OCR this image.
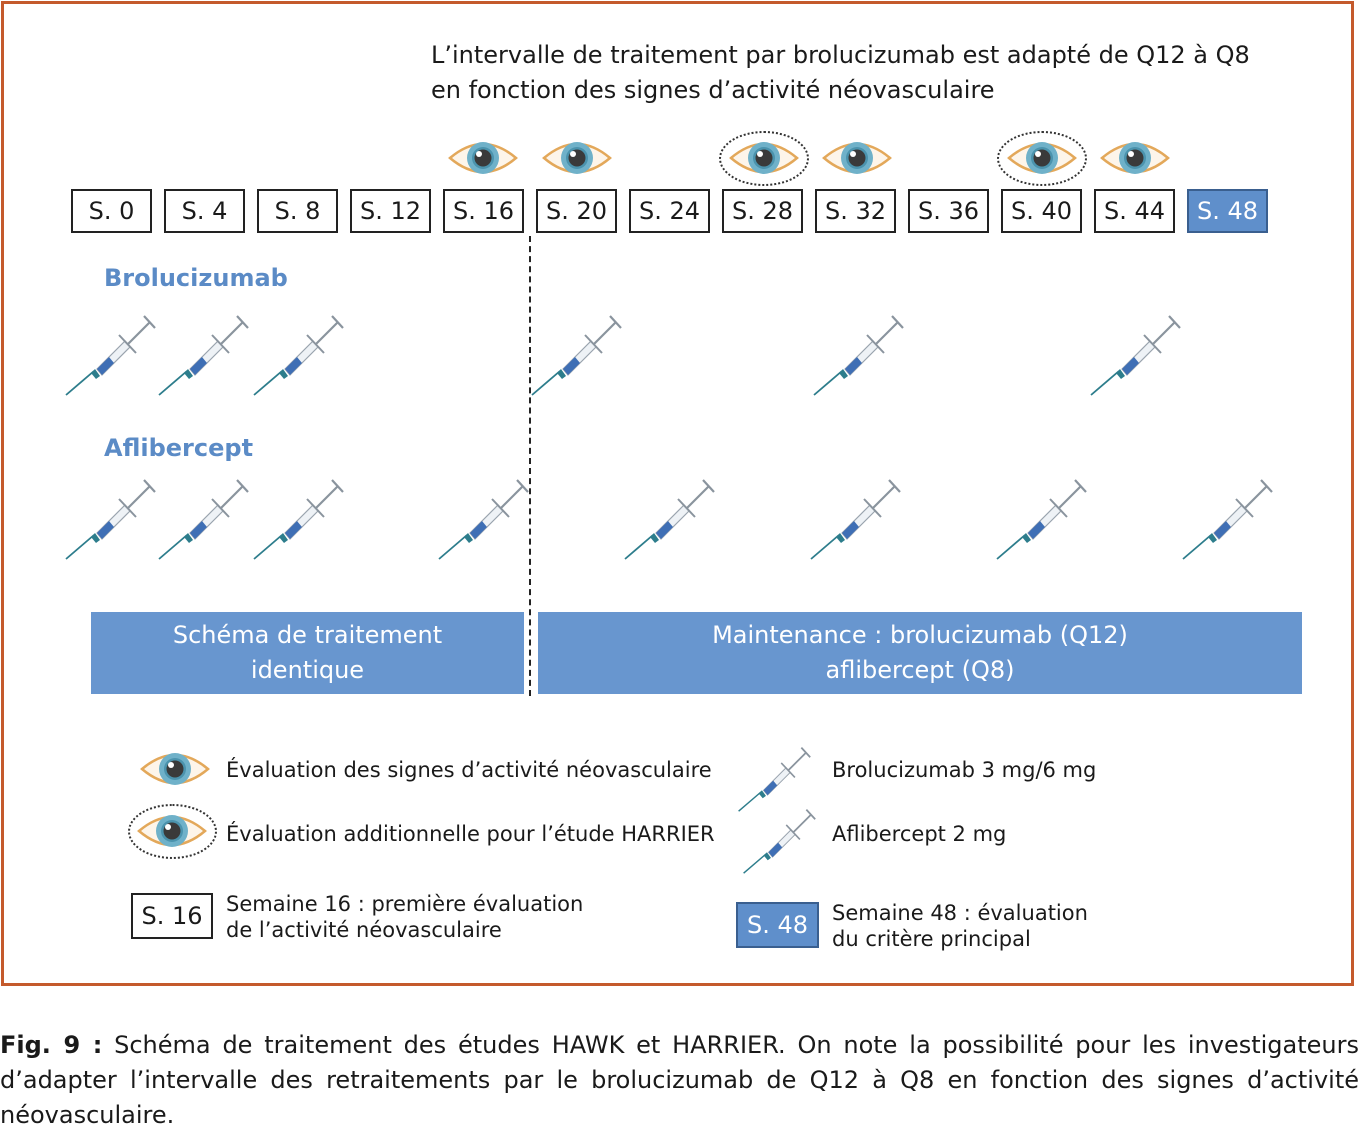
L’intervalle de traitement par brolucizumab est adapté de Q12 à Q8
en fonction des signes d’activité néovasculaire
S. 0	S. 4	S. 8	S. 12	S. 16	S. 20	S. 24	S. 28	S. 32	S. 36	S. 40	S. 44	S. 48
Brolucizumab
Aflibercept
Schéma de traitement
identique
Maintenance : brolucizumab (Q12)
aflibercept (Q8)
Évaluation des signes d’activité néovasculaire
Évaluation additionnelle pour l’étude HARRIER
S. 16	Semaine 16 : première évaluation
de l’activité néovasculaire
Brolucizumab 3 mg/6 mg
Aflibercept 2 mg
S. 48	Semaine 48 : évaluation
du critère principal
Fig. 9 : Schéma de traitement des études HAWK et HARRIER. On note la possibilité pour les investigateurs d’adapter l’intervalle des retraitements par le brolucizumab de Q12 à Q8 en fonction des signes d’activité néovasculaire.
